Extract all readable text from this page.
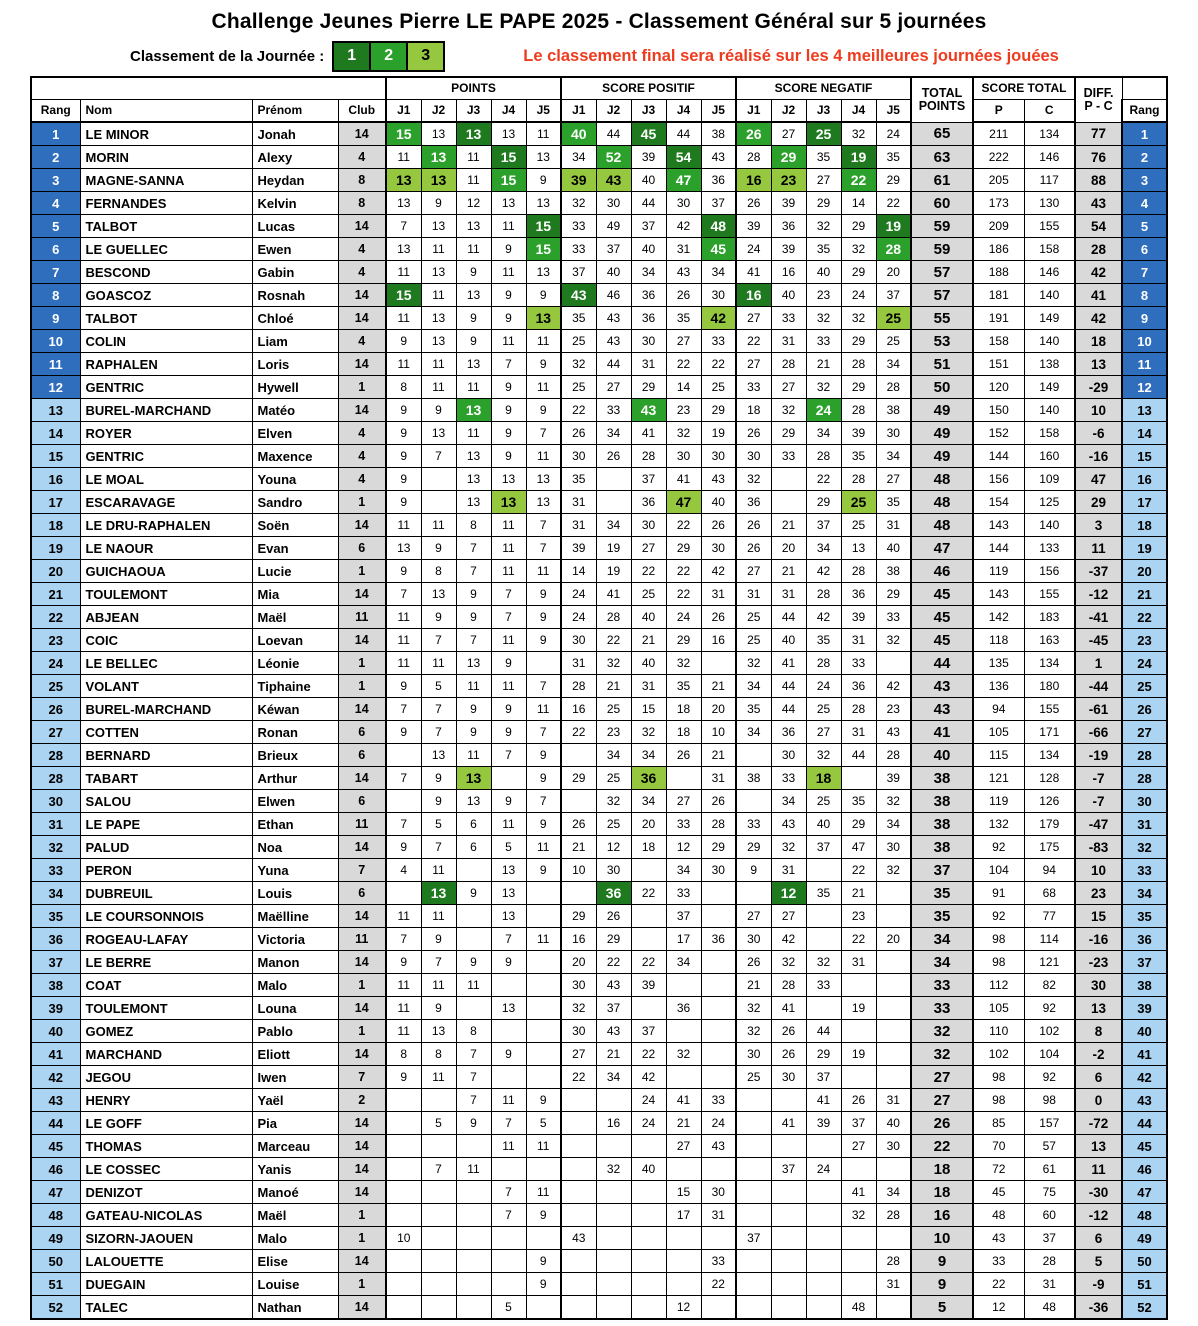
Challenge Jeunes Pierre LE PAPE 2025 - Classement Général sur 5 journées
Classement de la Journée :	1	2	3	Le classement final sera réalisé sur les 4 meilleures journées jouées
				POINTS					SCORE POSITIF					SCORE NEGATIF					TOTAL
POINTS	SCORE TOTAL		DIFF.
P - C	
Rang	Nom	Prénom	Club	J1	J2	J3	J4	J5	J1	J2	J3	J4	J5	J1	J2	J3	J4	J5		P	C		Rang
1	LE MINOR	Jonah	14	15	13	13	13	11	40	44	45	44	38	26	27	25	32	24	65	211	134	77	1
2	MORIN	Alexy	4	11	13	11	15	13	34	52	39	54	43	28	29	35	19	35	63	222	146	76	2
3	MAGNE-SANNA	Heydan	8	13	13	11	15	9	39	43	40	47	36	16	23	27	22	29	61	205	117	88	3
4	FERNANDES	Kelvin	8	13	9	12	13	13	32	30	44	30	37	26	39	29	14	22	60	173	130	43	4
5	TALBOT	Lucas	14	7	13	13	11	15	33	49	37	42	48	39	36	32	29	19	59	209	155	54	5
6	LE GUELLEC	Ewen	4	13	11	11	9	15	33	37	40	31	45	24	39	35	32	28	59	186	158	28	6
7	BESCOND	Gabin	4	11	13	9	11	13	37	40	34	43	34	41	16	40	29	20	57	188	146	42	7
8	GOASCOZ	Rosnah	14	15	11	13	9	9	43	46	36	26	30	16	40	23	24	37	57	181	140	41	8
9	TALBOT	Chloé	14	11	13	9	9	13	35	43	36	35	42	27	33	32	32	25	55	191	149	42	9
10	COLIN	Liam	4	9	13	9	11	11	25	43	30	27	33	22	31	33	29	25	53	158	140	18	10
11	RAPHALEN	Loris	14	11	11	13	7	9	32	44	31	22	22	27	28	21	28	34	51	151	138	13	11
12	GENTRIC	Hywell	1	8	11	11	9	11	25	27	29	14	25	33	27	32	29	28	50	120	149	-29	12
13	BUREL-MARCHAND	Matéo	14	9	9	13	9	9	22	33	43	23	29	18	32	24	28	38	49	150	140	10	13
14	ROYER	Elven	4	9	13	11	9	7	26	34	41	32	19	26	29	34	39	30	49	152	158	-6	14
15	GENTRIC	Maxence	4	9	7	13	9	11	30	26	28	30	30	30	33	28	35	34	49	144	160	-16	15
16	LE MOAL	Youna	4	9		13	13	13	35		37	41	43	32		22	28	27	48	156	109	47	16
17	ESCARAVAGE	Sandro	1	9		13	13	13	31		36	47	40	36		29	25	35	48	154	125	29	17
18	LE DRU-RAPHALEN	Soën	14	11	11	8	11	7	31	34	30	22	26	26	21	37	25	31	48	143	140	3	18
19	LE NAOUR	Evan	6	13	9	7	11	7	39	19	27	29	30	26	20	34	13	40	47	144	133	11	19
20	GUICHAOUA	Lucie	1	9	8	7	11	11	14	19	22	22	42	27	21	42	28	38	46	119	156	-37	20
21	TOULEMONT	Mia	14	7	13	9	7	9	24	41	25	22	31	31	31	28	36	29	45	143	155	-12	21
22	ABJEAN	Maël	11	11	9	9	7	9	24	28	40	24	26	25	44	42	39	33	45	142	183	-41	22
23	COIC	Loevan	14	11	7	7	11	9	30	22	21	29	16	25	40	35	31	32	45	118	163	-45	23
24	LE BELLEC	Léonie	1	11	11	13	9		31	32	40	32		32	41	28	33		44	135	134	1	24
25	VOLANT	Tiphaine	1	9	5	11	11	7	28	21	31	35	21	34	44	24	36	42	43	136	180	-44	25
26	BUREL-MARCHAND	Kéwan	14	7	7	9	9	11	16	25	15	18	20	35	44	25	28	23	43	94	155	-61	26
27	COTTEN	Ronan	6	9	7	9	9	7	22	23	32	18	10	34	36	27	31	43	41	105	171	-66	27
28	BERNARD	Brieux	6		13	11	7	9		34	34	26	21		30	32	44	28	40	115	134	-19	28
28	TABART	Arthur	14	7	9	13		9	29	25	36		31	38	33	18		39	38	121	128	-7	28
30	SALOU	Elwen	6		9	13	9	7		32	34	27	26		34	25	35	32	38	119	126	-7	30
31	LE PAPE	Ethan	11	7	5	6	11	9	26	25	20	33	28	33	43	40	29	34	38	132	179	-47	31
32	PALUD	Noa	14	9	7	6	5	11	21	12	18	12	29	29	32	37	47	30	38	92	175	-83	32
33	PERON	Yuna	7	4	11		13	9	10	30		34	30	9	31		22	32	37	104	94	10	33
34	DUBREUIL	Louis	6		13	9	13			36	22	33			12	35	21		35	91	68	23	34
35	LE COURSONNOIS	Maëlline	14	11	11		13		29	26		37		27	27		23		35	92	77	15	35
36	ROGEAU-LAFAY	Victoria	11	7	9		7	11	16	29		17	36	30	42		22	20	34	98	114	-16	36
37	LE BERRE	Manon	14	9	7	9	9		20	22	22	34		26	32	32	31		34	98	121	-23	37
38	COAT	Malo	1	11	11	11			30	43	39			21	28	33			33	112	82	30	38
39	TOULEMONT	Louna	14	11	9		13		32	37		36		32	41		19		33	105	92	13	39
40	GOMEZ	Pablo	1	11	13	8			30	43	37			32	26	44			32	110	102	8	40
41	MARCHAND	Eliott	14	8	8	7	9		27	21	22	32		30	26	29	19		32	102	104	-2	41
42	JEGOU	Iwen	7	9	11	7			22	34	42			25	30	37			27	98	92	6	42
43	HENRY	Yaël	2			7	11	9			24	41	33			41	26	31	27	98	98	0	43
44	LE GOFF	Pia	14		5	9	7	5		16	24	21	24		41	39	37	40	26	85	157	-72	44
45	THOMAS	Marceau	14				11	11				27	43				27	30	22	70	57	13	45
46	LE COSSEC	Yanis	14		7	11				32	40				37	24			18	72	61	11	46
47	DENIZOT	Manoé	14				7	11				15	30				41	34	18	45	75	-30	47
48	GATEAU-NICOLAS	Maël	1				7	9				17	31				32	28	16	48	60	-12	48
49	SIZORN-JAOUEN	Malo	1	10					43					37					10	43	37	6	49
50	LALOUETTE	Elise	14					9					33					28	9	33	28	5	50
51	DUEGAIN	Louise	1					9					22					31	9	22	31	-9	51
52	TALEC	Nathan	14				5					12					48		5	12	48	-36	52
